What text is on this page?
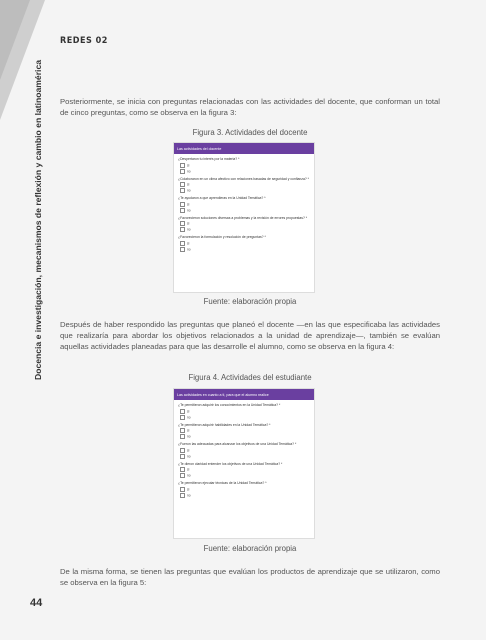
REDES 02
Docencia e investigación, mecanismos de reflexión y cambio en latinoamérica Posteriormente, se inicia con preguntas relacionadas con las actividades del docente, que conforman un total de cinco preguntas, como se observa en la figura 3:
Figura 3. Actividades del docente
Las actividades del docente
¿Despertaron tu interés por la materia? *
si
no
¿Colaboraron en un clima afectivo con relaciones basadas de seguridad y confianza? *
si
no
¿Te ayudaron a que aprendieras en la Unidad Temática? *
si
no
¿Favorecieron soluciones diversas a problemas y la revisión de errores propuestas? *
si
no
¿Favorecieron la formulación y resolución de preguntas? *
si
no
Fuente: elaboración propia
Después de haber respondido las preguntas que planeó el docente —en las que especificaba las actividades que realizaría para abordar los objetivos relacionados a la unidad de aprendizaje—, también se evalúan aquellas actividades planeadas para que las desarrolle el alumno, como se observa en la figura 4:
Figura 4. Actividades del estudiante
Las actividades en cuanto a ti, para que el alumno realice
¿Te permitieron adquirir los conocimientos en la Unidad Temática? *
si
no
¿Te permitieron adquirir habilidades en la Unidad Temática? *
si
no
¿Fueron las adecuadas para alcanzar los objetivos de una Unidad Temática? *
si
no
¿Te dieron claridad entender los objetivos de una Unidad Temática? *
si
no
¿Te permitieron ejecutar técnicas de la Unidad Temática? *
si
no
Fuente: elaboración propia
De la misma forma, se tienen las preguntas que evalúan los productos de aprendizaje que se utilizaron, como se observa en la figura 5:
44
